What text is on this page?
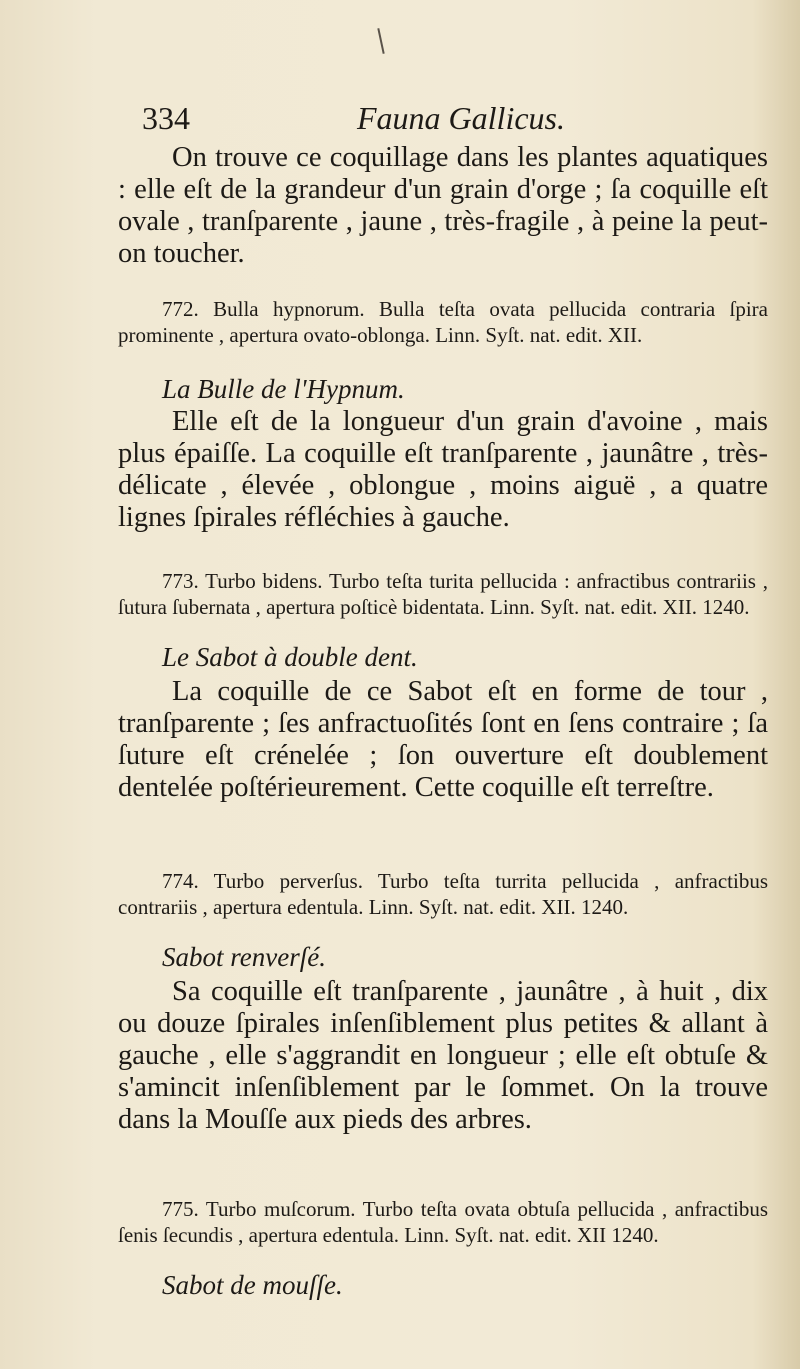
334	Fauna Gallicus.

On trouve ce coquillage dans les plantes aquatiques : elle eſt de la grandeur d'un grain d'orge ; ſa coquille eſt ovale , tranſparente , jaune , très-fragile , à peine la peut-on toucher.

772. Bulla hypnorum. Bulla teſta ovata pellucida contraria ſpira prominente , apertura ovato-oblonga. Linn. Syſt. nat. edit. XII.

La Bulle de l'Hypnum.

Elle eſt de la longueur d'un grain d'avoine , mais plus épaiſſe. La coquille eſt tranſparente , jaunâtre , très-délicate , élevée , oblongue , moins aiguë , a quatre lignes ſpirales réfléchies à gauche.

773. Turbo bidens. Turbo teſta turita pellucida : anfractibus contrariis , ſutura ſubernata , apertura poſticè bidentata. Linn. Syſt. nat. edit. XII. 1240.

Le Sabot à double dent.

La coquille de ce Sabot eſt en forme de tour , tranſparente ; ſes anfractuoſités ſont en ſens contraire ; ſa ſuture eſt crénelée ; ſon ouverture eſt doublement dentelée poſtérieurement. Cette coquille eſt terreſtre.

774. Turbo perverſus. Turbo teſta turrita pellucida , anfractibus contrariis , apertura edentula. Linn. Syſt. nat. edit. XII. 1240.

Sabot renverſé.

Sa coquille eſt tranſparente , jaunâtre , à huit , dix ou douze ſpirales inſenſiblement plus petites & allant à gauche , elle s'aggrandit en longueur ; elle eſt obtuſe & s'amincit inſenſiblement par le ſommet. On la trouve dans la Mouſſe aux pieds des arbres.

775. Turbo muſcorum. Turbo teſta ovata obtuſa pellucida , anfractibus ſenis ſecundis , apertura edentula. Linn. Syſt. nat. edit. XII 1240.

Sabot de mouſſe.
